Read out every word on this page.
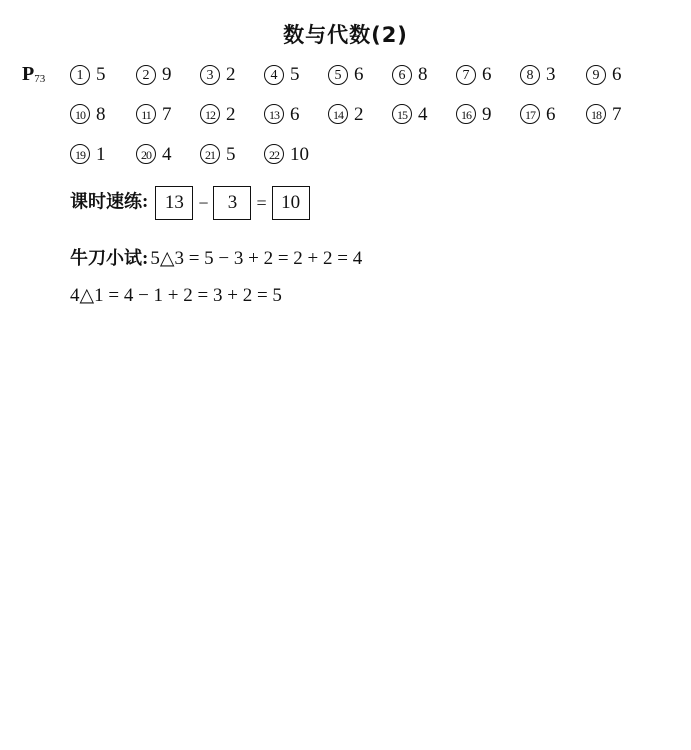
数与代数(2)
$P_{73}$	1 5	2 9	3 2	4 5	5 6	6 8	7 6	8 3	9 6
10 8	11 7	12 2	13 6	14 2	15 4	16 9	17 6	18 7
19 1	20 4	21 5	22 10
课时速练: 13 − 3 = 10
牛刀小试: 5△3 = 5 − 3 + 2 = 2 + 2 = 4
4△1 = 4 − 1 + 2 = 3 + 2 = 5
